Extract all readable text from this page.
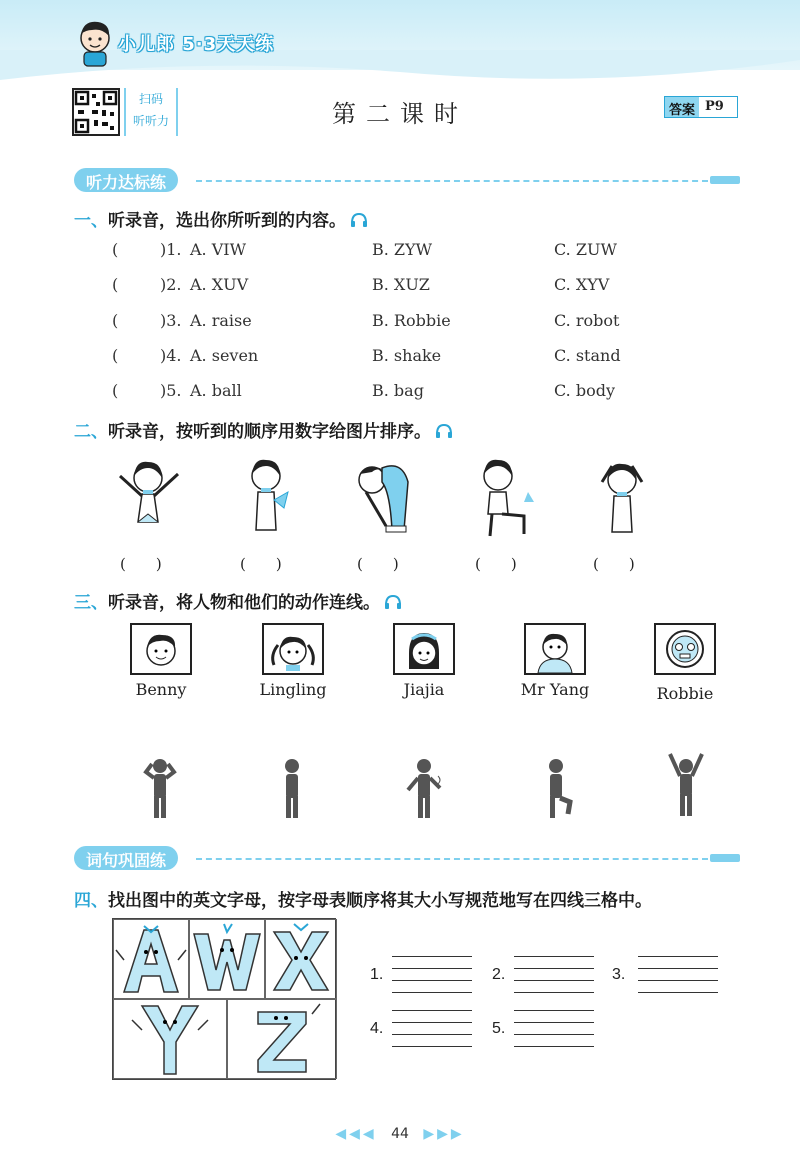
小儿郎 5·3天天练
扫码
听听力	第二课时	答案 P9
听力达标练
一、听录音，选出你所听到的内容。
(	)1. A. VIW	B. ZYW	C. ZUW
(	)2. A. XUV	B. XUZ	C. XYV
(	)3. A. raise	B. Robbie	C. robot
(	)4. A. seven	B. shake	C. stand
(	)5. A. ball	B. bag	C. body
二、听录音，按听到的顺序用数字给图片排序。
(　　)	(　　)	(　　)	(　　)	(　　)
三、听录音，将人物和他们的动作连线。
Benny	Lingling	Jiajia	Mr Yang	Robbie
词句巩固练
四、找出图中的英文字母，按字母表顺序将其大小写规范地写在四线三格中。
1.	2.	3.
4.	5.
◀◀◀ 44 ▶▶▶
